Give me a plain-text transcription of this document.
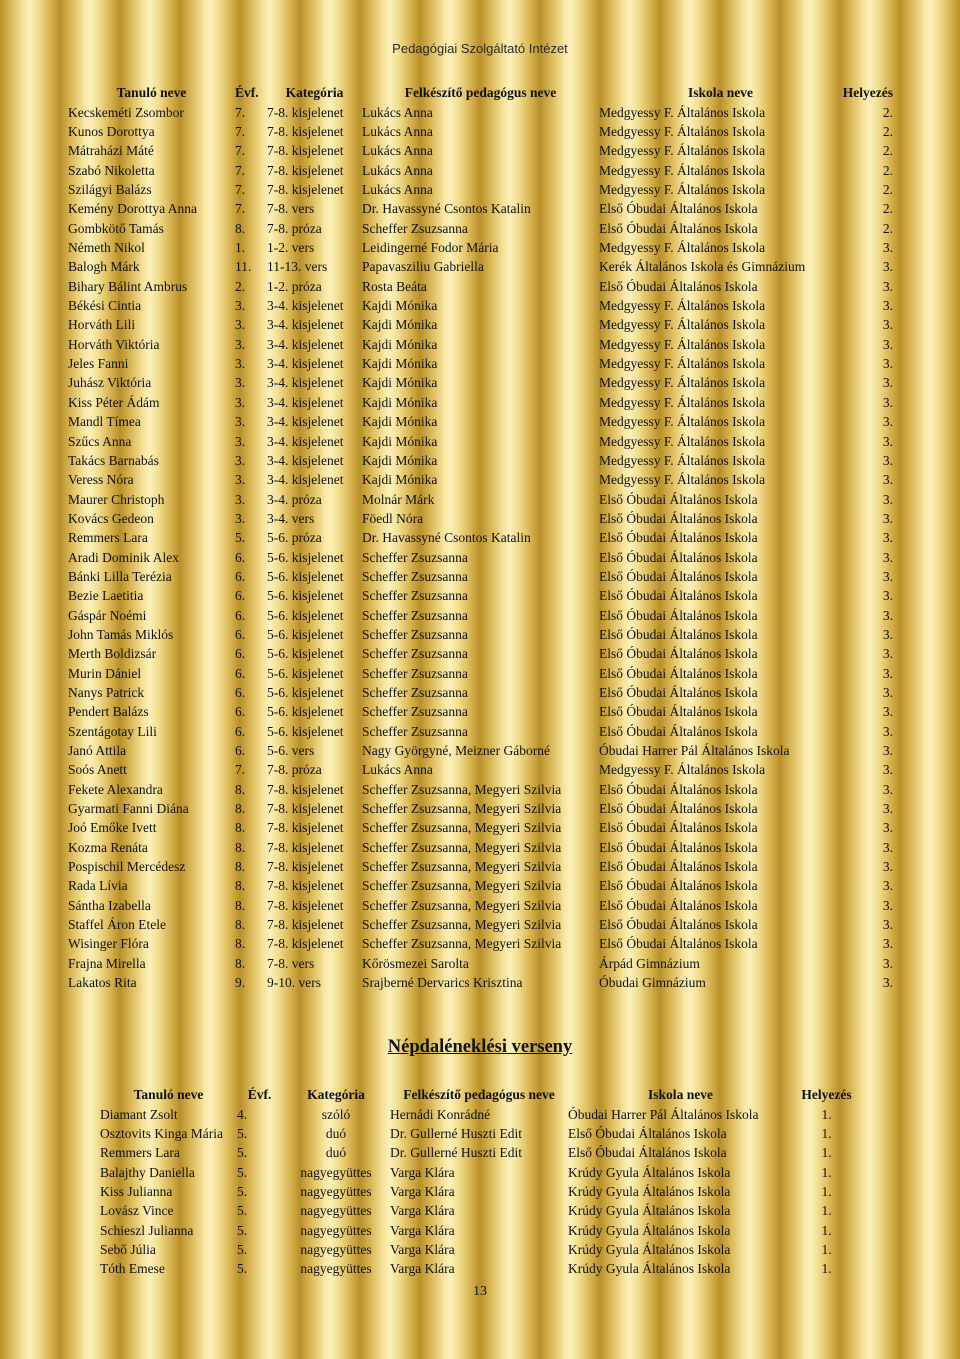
Pedagógiai Szolgáltató Intézet
Tanuló neve	Évf.	Kategória	Felkészítő pedagógus neve	Iskola neve	Helyezés
Kecskeméti Zsombor	7.	7-8. kisjelenet	Lukács Anna	Medgyessy F. Általános Iskola	2.
Kunos Dorottya	7.	7-8. kisjelenet	Lukács Anna	Medgyessy F. Általános Iskola	2.
Mátraházi Máté	7.	7-8. kisjelenet	Lukács Anna	Medgyessy F. Általános Iskola	2.
Szabó Nikoletta	7.	7-8. kisjelenet	Lukács Anna	Medgyessy F. Általános Iskola	2.
Szilágyi Balázs	7.	7-8. kisjelenet	Lukács Anna	Medgyessy F. Általános Iskola	2.
Kemény Dorottya Anna	7.	7-8. vers	Dr. Havassyné Csontos Katalin	Első Óbudai Általános Iskola	2.
Gombkötő Tamás	8.	7-8. próza	Scheffer Zsuzsanna	Első Óbudai Általános Iskola	2.
Németh Nikol	1.	1-2. vers	Leidingerné Fodor Mária	Medgyessy F. Általános Iskola	3.
Balogh Márk	11.	11-13. vers	Papavasziliu Gabriella	Kerék Általános Iskola és Gimnázium	3.
Bihary Bálint Ambrus	2.	1-2. próza	Rosta Beáta	Első Óbudai Általános Iskola	3.
Békési Cintia	3.	3-4. kisjelenet	Kajdi Mónika	Medgyessy F. Általános Iskola	3.
Horváth Lili	3.	3-4. kisjelenet	Kajdi Mónika	Medgyessy F. Általános Iskola	3.
Horváth Viktória	3.	3-4. kisjelenet	Kajdi Mónika	Medgyessy F. Általános Iskola	3.
Jeles Fanni	3.	3-4. kisjelenet	Kajdi Mónika	Medgyessy F. Általános Iskola	3.
Juhász Viktória	3.	3-4. kisjelenet	Kajdi Mónika	Medgyessy F. Általános Iskola	3.
Kiss Péter Ádám	3.	3-4. kisjelenet	Kajdi Mónika	Medgyessy F. Általános Iskola	3.
Mandl Tímea	3.	3-4. kisjelenet	Kajdi Mónika	Medgyessy F. Általános Iskola	3.
Szűcs Anna	3.	3-4. kisjelenet	Kajdi Mónika	Medgyessy F. Általános Iskola	3.
Takács Barnabás	3.	3-4. kisjelenet	Kajdi Mónika	Medgyessy F. Általános Iskola	3.
Veress Nóra	3.	3-4. kisjelenet	Kajdi Mónika	Medgyessy F. Általános Iskola	3.
Maurer Christoph	3.	3-4. próza	Molnár Márk	Első Óbudai Általános Iskola	3.
Kovács Gedeon	3.	3-4. vers	Föedl Nóra	Első Óbudai Általános Iskola	3.
Remmers Lara	5.	5-6. próza	Dr. Havassyné Csontos Katalin	Első Óbudai Általános Iskola	3.
Aradi Dominik Alex	6.	5-6. kisjelenet	Scheffer Zsuzsanna	Első Óbudai Általános Iskola	3.
Bánki Lilla Terézia	6.	5-6. kisjelenet	Scheffer Zsuzsanna	Első Óbudai Általános Iskola	3.
Bezie Laetitia	6.	5-6. kisjelenet	Scheffer Zsuzsanna	Első Óbudai Általános Iskola	3.
Gáspár Noémi	6.	5-6. kisjelenet	Scheffer Zsuzsanna	Első Óbudai Általános Iskola	3.
John Tamás Miklós	6.	5-6. kisjelenet	Scheffer Zsuzsanna	Első Óbudai Általános Iskola	3.
Merth Boldizsár	6.	5-6. kisjelenet	Scheffer Zsuzsanna	Első Óbudai Általános Iskola	3.
Murin Dániel	6.	5-6. kisjelenet	Scheffer Zsuzsanna	Első Óbudai Általános Iskola	3.
Nanys Patrick	6.	5-6. kisjelenet	Scheffer Zsuzsanna	Első Óbudai Általános Iskola	3.
Pendert Balázs	6.	5-6. kisjelenet	Scheffer Zsuzsanna	Első Óbudai Általános Iskola	3.
Szentágotay Lili	6.	5-6. kisjelenet	Scheffer Zsuzsanna	Első Óbudai Általános Iskola	3.
Janó Attila	6.	5-6. vers	Nagy Györgyné, Meizner Gáborné	Óbudai Harrer Pál Általános Iskola	3.
Soós Anett	7.	7-8. próza	Lukács Anna	Medgyessy F. Általános Iskola	3.
Fekete Alexandra	8.	7-8. kisjelenet	Scheffer Zsuzsanna, Megyeri Szilvia	Első Óbudai Általános Iskola	3.
Gyarmati Fanni Diána	8.	7-8. kisjelenet	Scheffer Zsuzsanna, Megyeri Szilvia	Első Óbudai Általános Iskola	3.
Joó Emőke Ivett	8.	7-8. kisjelenet	Scheffer Zsuzsanna, Megyeri Szilvia	Első Óbudai Általános Iskola	3.
Kozma Renáta	8.	7-8. kisjelenet	Scheffer Zsuzsanna, Megyeri Szilvia	Első Óbudai Általános Iskola	3.
Pospischil Mercédesz	8.	7-8. kisjelenet	Scheffer Zsuzsanna, Megyeri Szilvia	Első Óbudai Általános Iskola	3.
Rada Lívia	8.	7-8. kisjelenet	Scheffer Zsuzsanna, Megyeri Szilvia	Első Óbudai Általános Iskola	3.
Sántha Izabella	8.	7-8. kisjelenet	Scheffer Zsuzsanna, Megyeri Szilvia	Első Óbudai Általános Iskola	3.
Staffel Áron Etele	8.	7-8. kisjelenet	Scheffer Zsuzsanna, Megyeri Szilvia	Első Óbudai Általános Iskola	3.
Wisinger Flóra	8.	7-8. kisjelenet	Scheffer Zsuzsanna, Megyeri Szilvia	Első Óbudai Általános Iskola	3.
Frajna Mirella	8.	7-8. vers	Kőrösmezei Sarolta	Árpád Gimnázium	3.
Lakatos Rita	9.	9-10. vers	Srajberné Dervarics Krisztina	Óbudai Gimnázium	3.
Népdaléneklési verseny
Tanuló neve	Évf.	Kategória	Felkészítő pedagógus neve	Iskola neve	Helyezés
Diamant Zsolt	4.	szóló	Hernádi Konrádné	Óbudai Harrer Pál Általános Iskola	1.
Osztovits Kinga Mária	5.	duó	Dr. Gullerné Huszti Edit	Első Óbudai Általános Iskola	1.
Remmers Lara	5.	duó	Dr. Gullerné Huszti Edit	Első Óbudai Általános Iskola	1.
Balajthy Daniella	5.	nagyegyüttes	Varga Klára	Krúdy Gyula Általános Iskola	1.
Kiss Julianna	5.	nagyegyüttes	Varga Klára	Krúdy Gyula Általános Iskola	1.
Lovász Vince	5.	nagyegyüttes	Varga Klára	Krúdy Gyula Általános Iskola	1.
Schieszl Julianna	5.	nagyegyüttes	Varga Klára	Krúdy Gyula Általános Iskola	1.
Sebő Júlia	5.	nagyegyüttes	Varga Klára	Krúdy Gyula Általános Iskola	1.
Tóth Emese	5.	nagyegyüttes	Varga Klára	Krúdy Gyula Általános Iskola	1.
13
